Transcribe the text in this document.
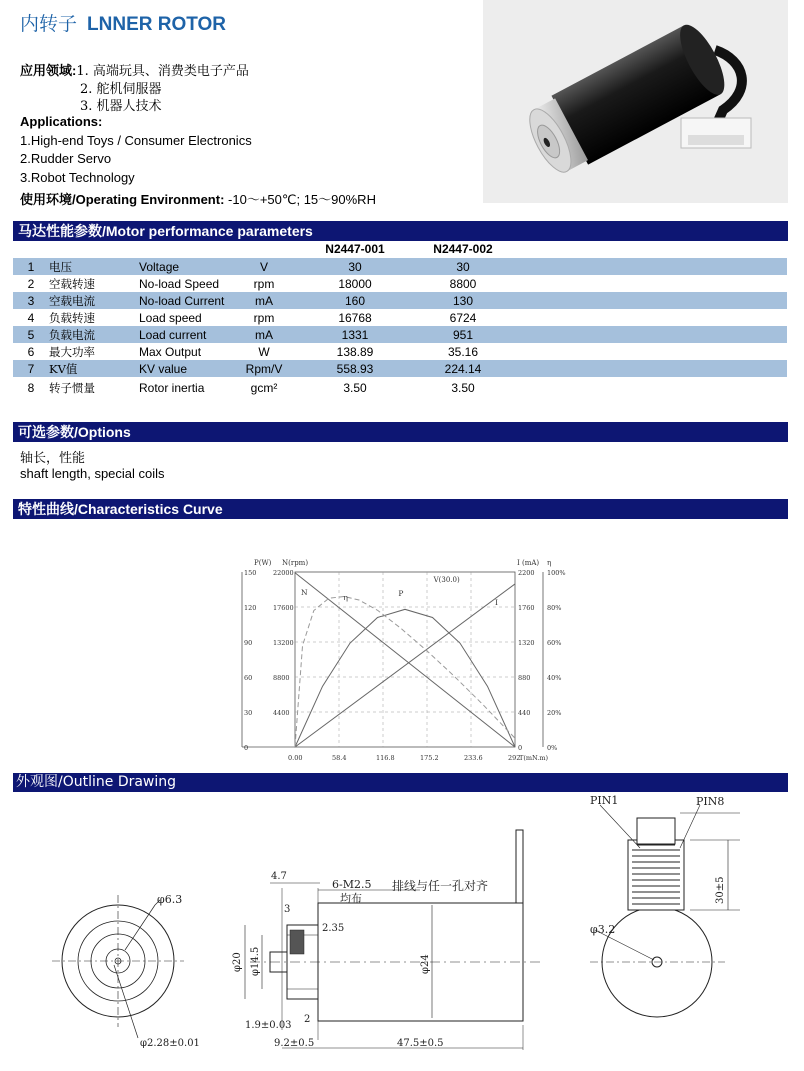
内转子 LNNER ROTOR
应用领域:1. 高端玩具、消费类电子产品
2. 舵机伺服器
3. 机器人技术
Applications:
1.High-end Toys / Consumer Electronics
2.Rudder Servo
3.Robot Technology
使用环境/Operating Environment: -10～+50℃; 15～90%RH
马达性能参数/Motor performance parameters
				N2447-001	N2447-002	
1	电压	Voltage	V	30	30	
2	空载转速	No-load Speed	rpm	18000	8800	
3	空载电流	No-load Current	mA	160	130	
4	负载转速	Load speed	rpm	16768	6724	
5	负载电流	Load current	mA	1331	951	
6	最大功率	Max Output	W	138.89	35.16	
7	KV值	KV value	Rpm/V	558.93	224.14	
8	转子惯量	Rotor inertia	gcm²	3.50	3.50	
可选参数/Options
轴长，性能
shaft length, special coils
特性曲线/Characteristics Curve
P(W) N(rpm)
150
120
90
60
30
0
22000
17600
13200
8800
4400
I (mA) η
2200
1760
1320
880
440
0
100%
80%
60%
40%
20%
0%
0.00	58.4	116.8	175.2	233.6	292
T(mN.m)
V(30.0)
N
I
P
η
外观图/Outline Drawing
φ6.3
φ2.28±0.01
4.7
3
2.35
2
1.9±0.03
9.2±0.5	47.5±0.5
6-M2.5
均布
排线与任一孔对齐
φ20 φ14.5	φ24
PIN1	PIN8
φ3.2
30±5
